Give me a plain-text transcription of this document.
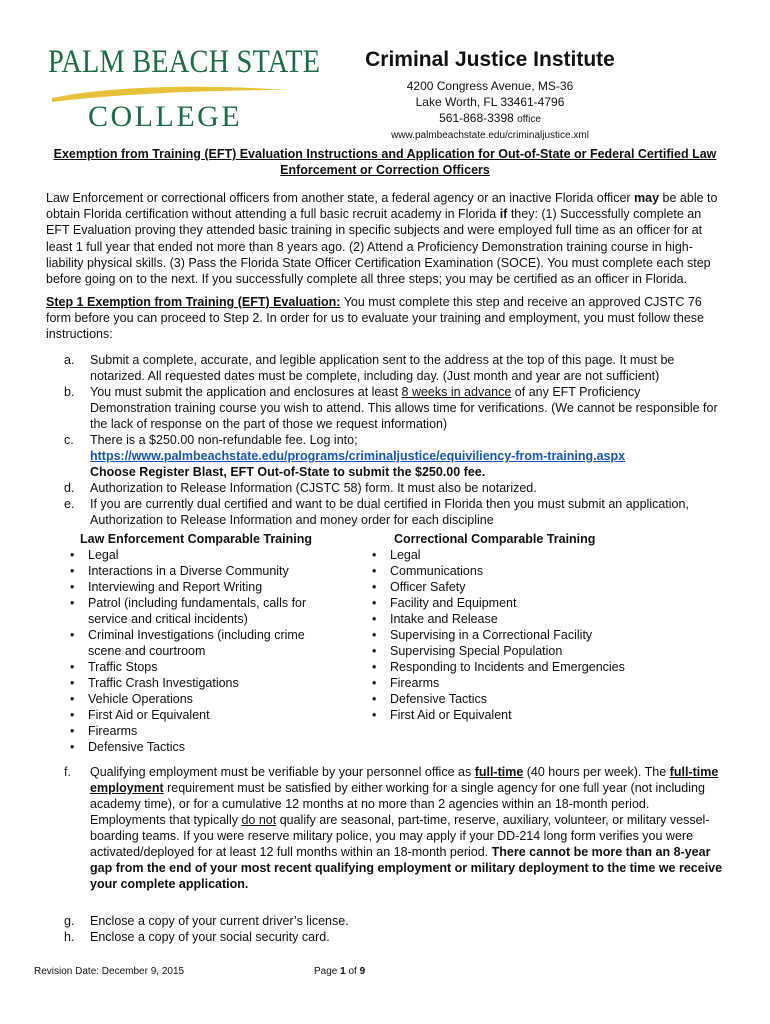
PALM BEACH STATE
COLLEGE
Criminal Justice Institute
4200 Congress Avenue, MS-36
Lake Worth, FL 33461-4796
561-868-3398 office
www.palmbeachstate.edu/criminaljustice.xml
Exemption from Training (EFT) Evaluation Instructions and Application for Out-of-State or Federal Certified Law Enforcement or Correction Officers
Law Enforcement or correctional officers from another state, a federal agency or an inactive Florida officer may be able to obtain Florida certification without attending a full basic recruit academy in Florida if they: (1) Successfully complete an EFT Evaluation proving they attended basic training in specific subjects and were employed full time as an officer for at least 1 full year that ended not more than 8 years ago. (2) Attend a Proficiency Demonstration training course in high-liability physical skills. (3) Pass the Florida State Officer Certification Examination (SOCE). You must complete each step before going on to the next. If you successfully complete all three steps; you may be certified as an officer in Florida.
Step 1 Exemption from Training (EFT) Evaluation: You must complete this step and receive an approved CJSTC 76 form before you can proceed to Step 2. In order for us to evaluate your training and employment, you must follow these instructions:
a. Submit a complete, accurate, and legible application sent to the address at the top of this page. It must be notarized. All requested dates must be complete, including day. (Just month and year are not sufficient)
b. You must submit the application and enclosures at least 8 weeks in advance of any EFT Proficiency Demonstration training course you wish to attend. This allows time for verifications. (We cannot be responsible for the lack of response on the part of those we request information)
c. There is a $250.00 non-refundable fee. Log into;
https://www.palmbeachstate.edu/programs/criminaljustice/equiviliency-from-training.aspx
Choose Register Blast, EFT Out-of-State to submit the $250.00 fee.
d. Authorization to Release Information (CJSTC 58) form. It must also be notarized.
e. If you are currently dual certified and want to be dual certified in Florida then you must submit an application, Authorization to Release Information and money order for each discipline
Law Enforcement Comparable Training
• Legal
• Interactions in a Diverse Community
• Interviewing and Report Writing
• Patrol (including fundamentals, calls for service and critical incidents)
• Criminal Investigations (including crime scene and courtroom
• Traffic Stops
• Traffic Crash Investigations
• Vehicle Operations
• First Aid or Equivalent
• Firearms
• Defensive Tactics
Correctional Comparable Training
• Legal
• Communications
• Officer Safety
• Facility and Equipment
• Intake and Release
• Supervising in a Correctional Facility
• Supervising Special Population
• Responding to Incidents and Emergencies
• Firearms
• Defensive Tactics
• First Aid or Equivalent
f. Qualifying employment must be verifiable by your personnel office as full-time (40 hours per week). The full-time employment requirement must be satisfied by either working for a single agency for one full year (not including academy time), or for a cumulative 12 months at no more than 2 agencies within an 18-month period. Employments that typically do not qualify are seasonal, part-time, reserve, auxiliary, volunteer, or military vessel-boarding teams. If you were reserve military police, you may apply if your DD-214 long form verifies you were activated/deployed for at least 12 full months within an 18-month period. There cannot be more than an 8-year gap from the end of your most recent qualifying employment or military deployment to the time we receive your complete application.
g. Enclose a copy of your current driver’s license.
h. Enclose a copy of your social security card.
Revision Date: December 9, 2015	Page 1 of 9
